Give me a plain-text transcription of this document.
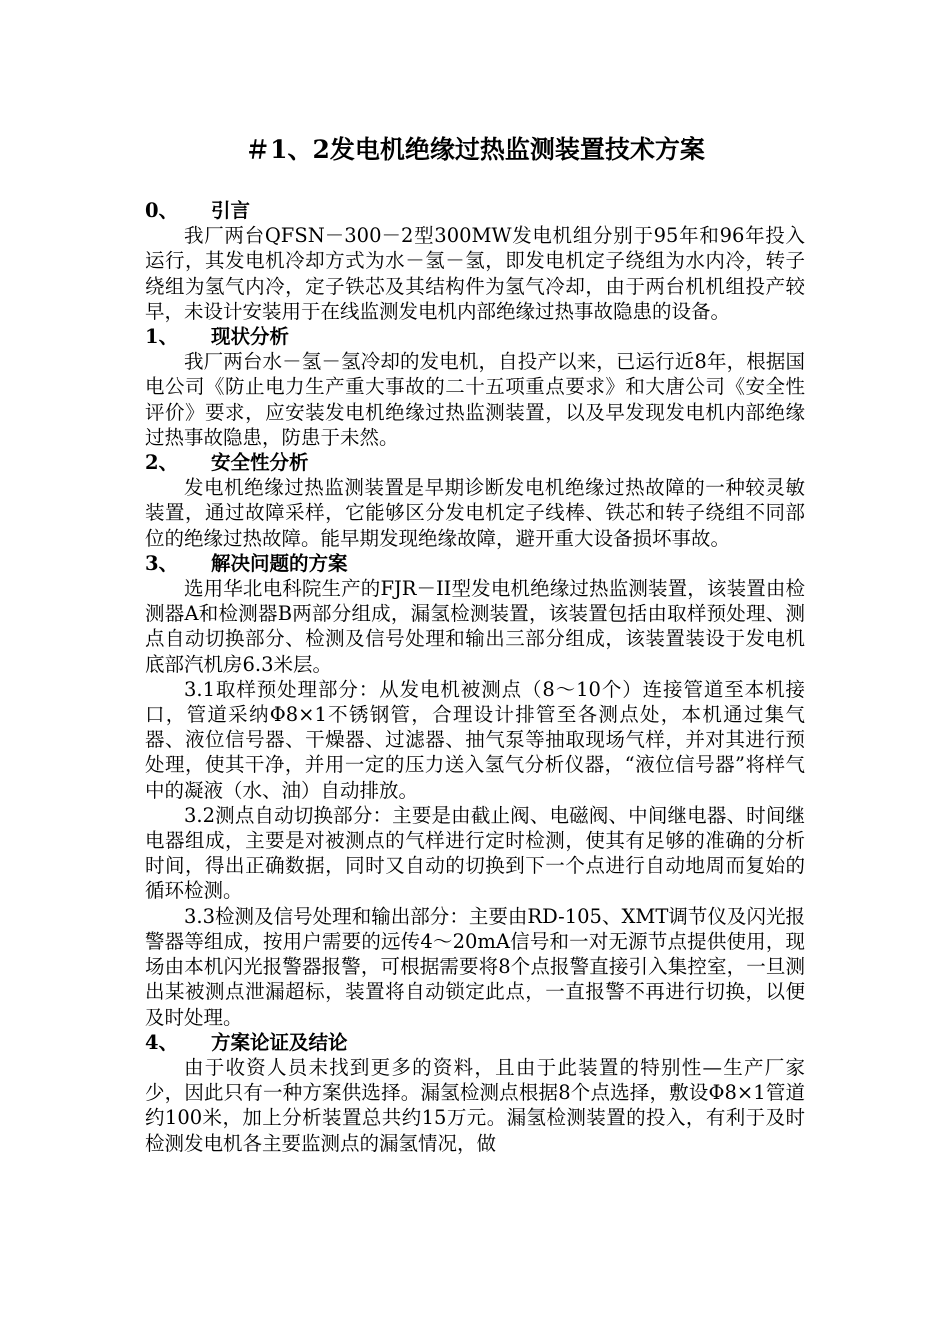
＃1、2发电机绝缘过热监测装置技术方案
0、 引言

我厂两台QFSN－300－2型300MW发电机组分别于95年和96年投入运行，其发电机冷却方式为水－氢－氢，即发电机定子绕组为水内冷，转子绕组为氢气内冷，定子铁芯及其结构件为氢气冷却，由于两台机机组投产较早，未设计安装用于在线监测发电机内部绝缘过热事故隐患的设备。

1、 现状分析

我厂两台水－氢－氢冷却的发电机，自投产以来，已运行近8年，根据国电公司《防止电力生产重大事故的二十五项重点要求》和大唐公司《安全性评价》要求，应安装发电机绝缘过热监测装置，以及早发现发电机内部绝缘过热事故隐患，防患于未然。

2、 安全性分析

发电机绝缘过热监测装置是早期诊断发电机绝缘过热故障的一种较灵敏装置，通过故障采样，它能够区分发电机定子线棒、铁芯和转子绕组不同部位的绝缘过热故障。能早期发现绝缘故障，避开重大设备损坏事故。

3、 解决问题的方案

选用华北电科院生产的FJR－II型发电机绝缘过热监测装置，该装置由检测器A和检测器B两部分组成，漏氢检测装置，该装置包括由取样预处理、测点自动切换部分、检测及信号处理和输出三部分组成，该装置装设于发电机底部汽机房6.3米层。

3.1取样预处理部分：从发电机被测点（8～10个）连接管道至本机接口，管道采纳Φ8×1不锈钢管，合理设计排管至各测点处，本机通过集气器、液位信号器、干燥器、过滤器、抽气泵等抽取现场气样，并对其进行预处理，使其干净，并用一定的压力送入氢气分析仪器，“液位信号器”将样气中的凝液（水、油）自动排放。

3.2测点自动切换部分：主要是由截止阀、电磁阀、中间继电器、时间继电器组成，主要是对被测点的气样进行定时检测，使其有足够的准确的分析时间，得出正确数据，同时又自动的切换到下一个点进行自动地周而复始的循环检测。

3.3检测及信号处理和输出部分：主要由RD-105、XMT调节仪及闪光报警器等组成，按用户需要的远传4～20mA信号和一对无源节点提供使用，现场由本机闪光报警器报警，可根据需要将8个点报警直接引入集控室，一旦测出某被测点泄漏超标，装置将自动锁定此点，一直报警不再进行切换，以便及时处理。

4、 方案论证及结论

由于收资人员未找到更多的资料，且由于此装置的特别性—生产厂家少，因此只有一种方案供选择。漏氢检测点根据8个点选择，敷设Φ8×1管道约100米，加上分析装置总共约15万元。漏氢检测装置的投入，有利于及时检测发电机各主要监测点的漏氢情况，做
